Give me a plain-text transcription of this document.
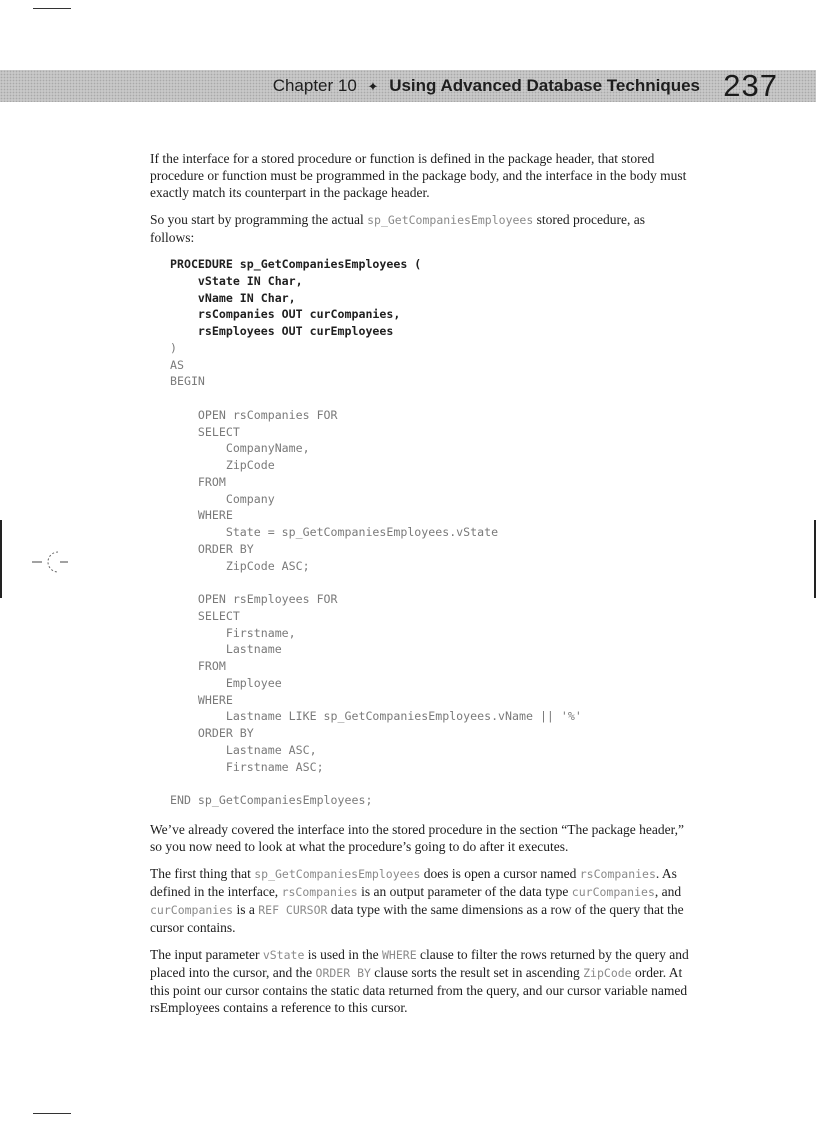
Chapter 10 ✦ Using Advanced Database Techniques 237

If the interface for a stored procedure or function is defined in the package header, that stored procedure or function must be programmed in the package body, and the interface in the body must exactly match its counterpart in the package header.

So you start by programming the actual sp_GetCompaniesEmployees stored procedure, as follows:

PROCEDURE sp_GetCompaniesEmployees (
vState IN Char,
vName IN Char,
rsCompanies OUT curCompanies,
rsEmployees OUT curEmployees
)
AS
BEGIN

OPEN rsCompanies FOR
SELECT
CompanyName,
ZipCode
FROM
Company
WHERE
State = sp_GetCompaniesEmployees.vState
ORDER BY
ZipCode ASC;

OPEN rsEmployees FOR
SELECT
Firstname,
Lastname
FROM
Employee
WHERE
Lastname LIKE sp_GetCompaniesEmployees.vName || '%'
ORDER BY
Lastname ASC,
Firstname ASC;

END sp_GetCompaniesEmployees;

We’ve already covered the interface into the stored procedure in the section “The package header,” so you now need to look at what the procedure’s going to do after it executes.

The first thing that sp_GetCompaniesEmployees does is open a cursor named rsCompanies. As defined in the interface, rsCompanies is an output parameter of the data type curCompanies, and curCompanies is a REF CURSOR data type with the same dimensions as a row of the query that the cursor contains.

The input parameter vState is used in the WHERE clause to filter the rows returned by the query and placed into the cursor, and the ORDER BY clause sorts the result set in ascending ZipCode order. At this point our cursor contains the static data returned from the query, and our cursor variable named rsEmployees contains a reference to this cursor.
